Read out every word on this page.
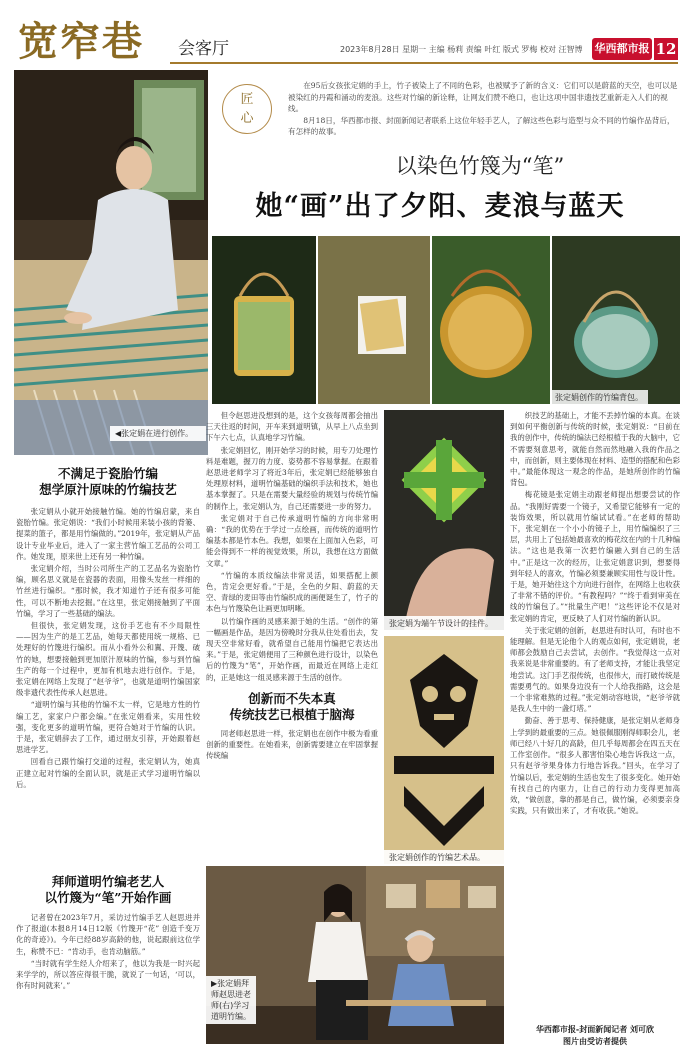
宽窄巷 会客厅	2023年8月28日 星期一 主编 杨莉 责编 叶红 版式 罗梅 校对 汪智博 华西都市报 12
◀张定娟在进行创作。
匠
心

在95后女孩张定娟的手上，竹子被染上了不同的色彩，也被赋予了新的含义：它们可以是蔚蓝的天空，也可以是被染红的丹霞和涌动的麦浪。这些对竹编的新诠释，让网友们赞不绝口，也让这项中国非遗技艺重新走入人们的视线。

8月18日，华西都市报、封面新闻记者联系上这位年轻手艺人，了解这些色彩与造型与众不同的竹编作品背后，有怎样的故事。

以染色竹篾为“笔”
她“画”出了夕阳、麦浪与蓝天
张定娟创作的竹编背包。
不满足于瓷胎竹编
想学原汁原味的竹编技艺

张定娟从小就开始接触竹编。她的竹编启蒙，来自瓷胎竹编。张定娟说：“我们小时候用来装小孩的背篓、提菜的篮子，都是用竹编做的。”2019年，张定娟从产品设计专业毕业后，进入了一家主营竹编工艺品的公司工作。她发现，原来世上还有另一种竹编。

张定娟介绍，当时公司所生产的工艺品名为瓷胎竹编，顾名思义就是在瓷器的表面，用像头发丝一样细的竹丝进行编织。“那时候，我才知道竹子还有很多可能性，可以不断地去挖掘。”在这里，张定娟接触到了平面竹编，学习了一些基础的编法。

但很快，张定娟发现，这份手艺也有不少局限性——因为生产的是工艺品，她每天都使用统一规格、已处理好的竹篾进行编织。而从小看外公和翼、开篾、破竹的她，想要接触到更加原汁原味的竹编，参与到竹编生产的每一个过程中，更加有机地去进行创作。于是，张定娟在网络上发现了“赵爷爷”，也就是道明竹编国家级非遗代表性传承人赵思进。

“道明竹编与其他的竹编不太一样，它是地方性的竹编工艺，家家户户都会编。”在张定娟看来，实用性较强，变化更多的道明竹编，更符合她对于竹编的认识。于是，张定娟辞去了工作，通过朋友引荐，开始跟着赵思进学艺。

回看自己跟竹编打交道的过程，张定娟认为，她真正建立起对竹编的全面认识，就是正式学习道明竹编以后。

拜师道明竹编老艺人
以竹篾为“笔”开始作画

记者曾在2023年7月，采访过竹编手艺人赵思进并作了报道(本报8月14日12版《竹篾开“花” 创造千变万化的奇迹》)。今年已经88岁高龄的他，说起跟前这位学生，称赞不已：“肯动手，也肯动脑筋。”

“当时就有学生经人介绍来了，他以为我是一时兴起来学学的，所以答应得很干脆，就说了一句话，‘可以，你有时间就来’。”

但令赵思进没想到的是，这个女孩每周都会抽出三天往返的时间，开车来到道明镇，从早上八点坐到下午六七点，认真地学习竹编。

张定娟回忆，刚开始学习的时候，用专刀处理竹料是难题，握刀的力度、姿势都不容易掌握。在跟着赵思进老师学习了将近3年后，张定娟已经能够独自处理原材料，道明竹编基础的编织手法和技术，她也基本掌握了。只是在需要大量经验的规划与传统竹编的制作上，张定娟认为，自己还需要进一步的努力。

张定娟对于自己传承道明竹编的方向非常明确：“我的优势在于学过一点绘画，而传统的道明竹编基本都是竹本色。我想，如果在上面加入色彩，可能会得到不一样的视觉效果，所以，我想在这方面做文章。”

“竹编的本质纹编法非常灵活，如果搭配上颜色，肯定会更好看。”于是，全色的夕阳、蔚蓝的天空、青绿的麦田等由竹编织成的画便诞生了，竹子的本色与竹篾染色让画更加明晰。

以竹编作画的灵感来源于她的生活。“创作的第一幅画是作品，是因为傍晚时分我从住处看出去，发现天空非常好看，就希望自己能用竹编把它表达出来。”于是，张定娟便用了三种颜色进行设计，以染色后的竹篾为“笔”，开始作画，而最近在网络上走红的，正是她这一组灵感来源于生活的创作。

创新而不失本真
传统技艺已根植于脑海

同老师赵思进一样，张定娟也在创作中极为看重创新的重要性。在她看来，创新需要建立在牢固掌握传统编

张定娟为端午节设计的挂件。
张定娟创作的竹编艺术品。

织技艺的基础上，才能不丢掉竹编的本真。在谈到如何平衡创新与传统的时候，张定娟说：“目前在我的创作中，传统的编法已经根植于我的大脑中，它不需要刻意思考，就能自然而然地融入我的作品之中，而创新，则主要体现在材料、造型的搭配和色彩中。”最能体现这一观念的作品，是她所创作的竹编背包。

梅花镜是张定娟主动跟老师提出想要尝试的作品。“我刚好需要一个镜子，又希望它能够有一定的装饰效果，所以就用竹编试试看。”在老师的帮助下，张定娟在一个小小的镜子上，用竹编编织了三层，共用上了包括她最喜欢的梅花纹在内的十几种编法。“这也是我第一次把竹编融入到自己的生活中。”正是这一次的经历，让张定娟意识到，想要得到年轻人的喜欢，竹编必须要兼顾实用性与设计性。于是，她开始往这个方向进行创作，在网络上也收获了非常不错的评价。“有教程吗？”“终于看到审美在线的竹编包了。”“批量生产吧！”这些评论不仅是对张定娟的肯定，更反映了人们对竹编的新认识。

关于张定娟的创新，赵思进有时认可，有时也不能理解。但是无论他个人的观点如何，张定娟说，老师都会鼓励自己去尝试，去创作。“我觉得这一点对我来说是非常重要的。有了老师支持，才能让我坚定地尝试。这门手艺很传统，也很伟大，而打破传统是需要勇气的。如果身边没有一个人给我指路，这会是一个非常难熬的过程。”张定娟动容地说，“赵爷爷就是我人生中的一盏灯塔。”

勤奋、善于思考、保持健康，是张定娟从老师身上学到的最重要的三点。她很佩服刚得师职会儿，老师已经八十好几的高龄，但几乎每周都会在四五天在工作室创作。“很多人都害怕染心地告诉我这一点，只有赵爷爷果身体力行地告诉我。”回头，在学习了竹编以后，张定娟的生活也发生了很多变化。她开始有找自己的内驱力，让自己的行动力变得更加高效，“做创意，靠的都是自己，做竹编，必须要亲身实践，只有做出来了，才有收获。”她说。

华西都市报-封面新闻记者 刘可欣
图片由受访者提供
▶张定娟拜师赵思进老师(右)学习道明竹编。
